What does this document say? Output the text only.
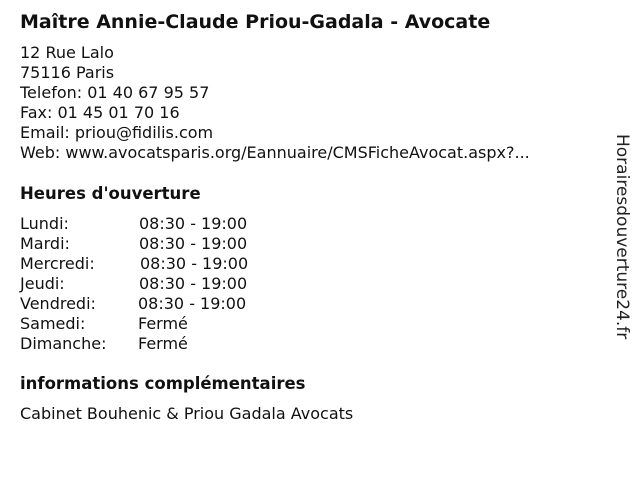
Maître Annie-Claude Priou-Gadala - Avocate
12 Rue Lalo
75116 Paris
Telefon: 01 40 67 95 57
Fax: 01 45 01 70 16
Email: priou@fidilis.com
Web: www.avocatsparis.org/Eannuaire/CMSFicheAvocat.aspx?...
Heures d'ouverture
Lundi:	08:30 - 19:00
Mardi:	08:30 - 19:00
Mercredi:	08:30 - 19:00
Jeudi:	08:30 - 19:00
Vendredi:	08:30 - 19:00
Samedi:	Fermé
Dimanche: Fermé
informations complémentaires
Cabinet Bouhenic & Priou Gadala Avocats
Horairesdouverture24.fr
